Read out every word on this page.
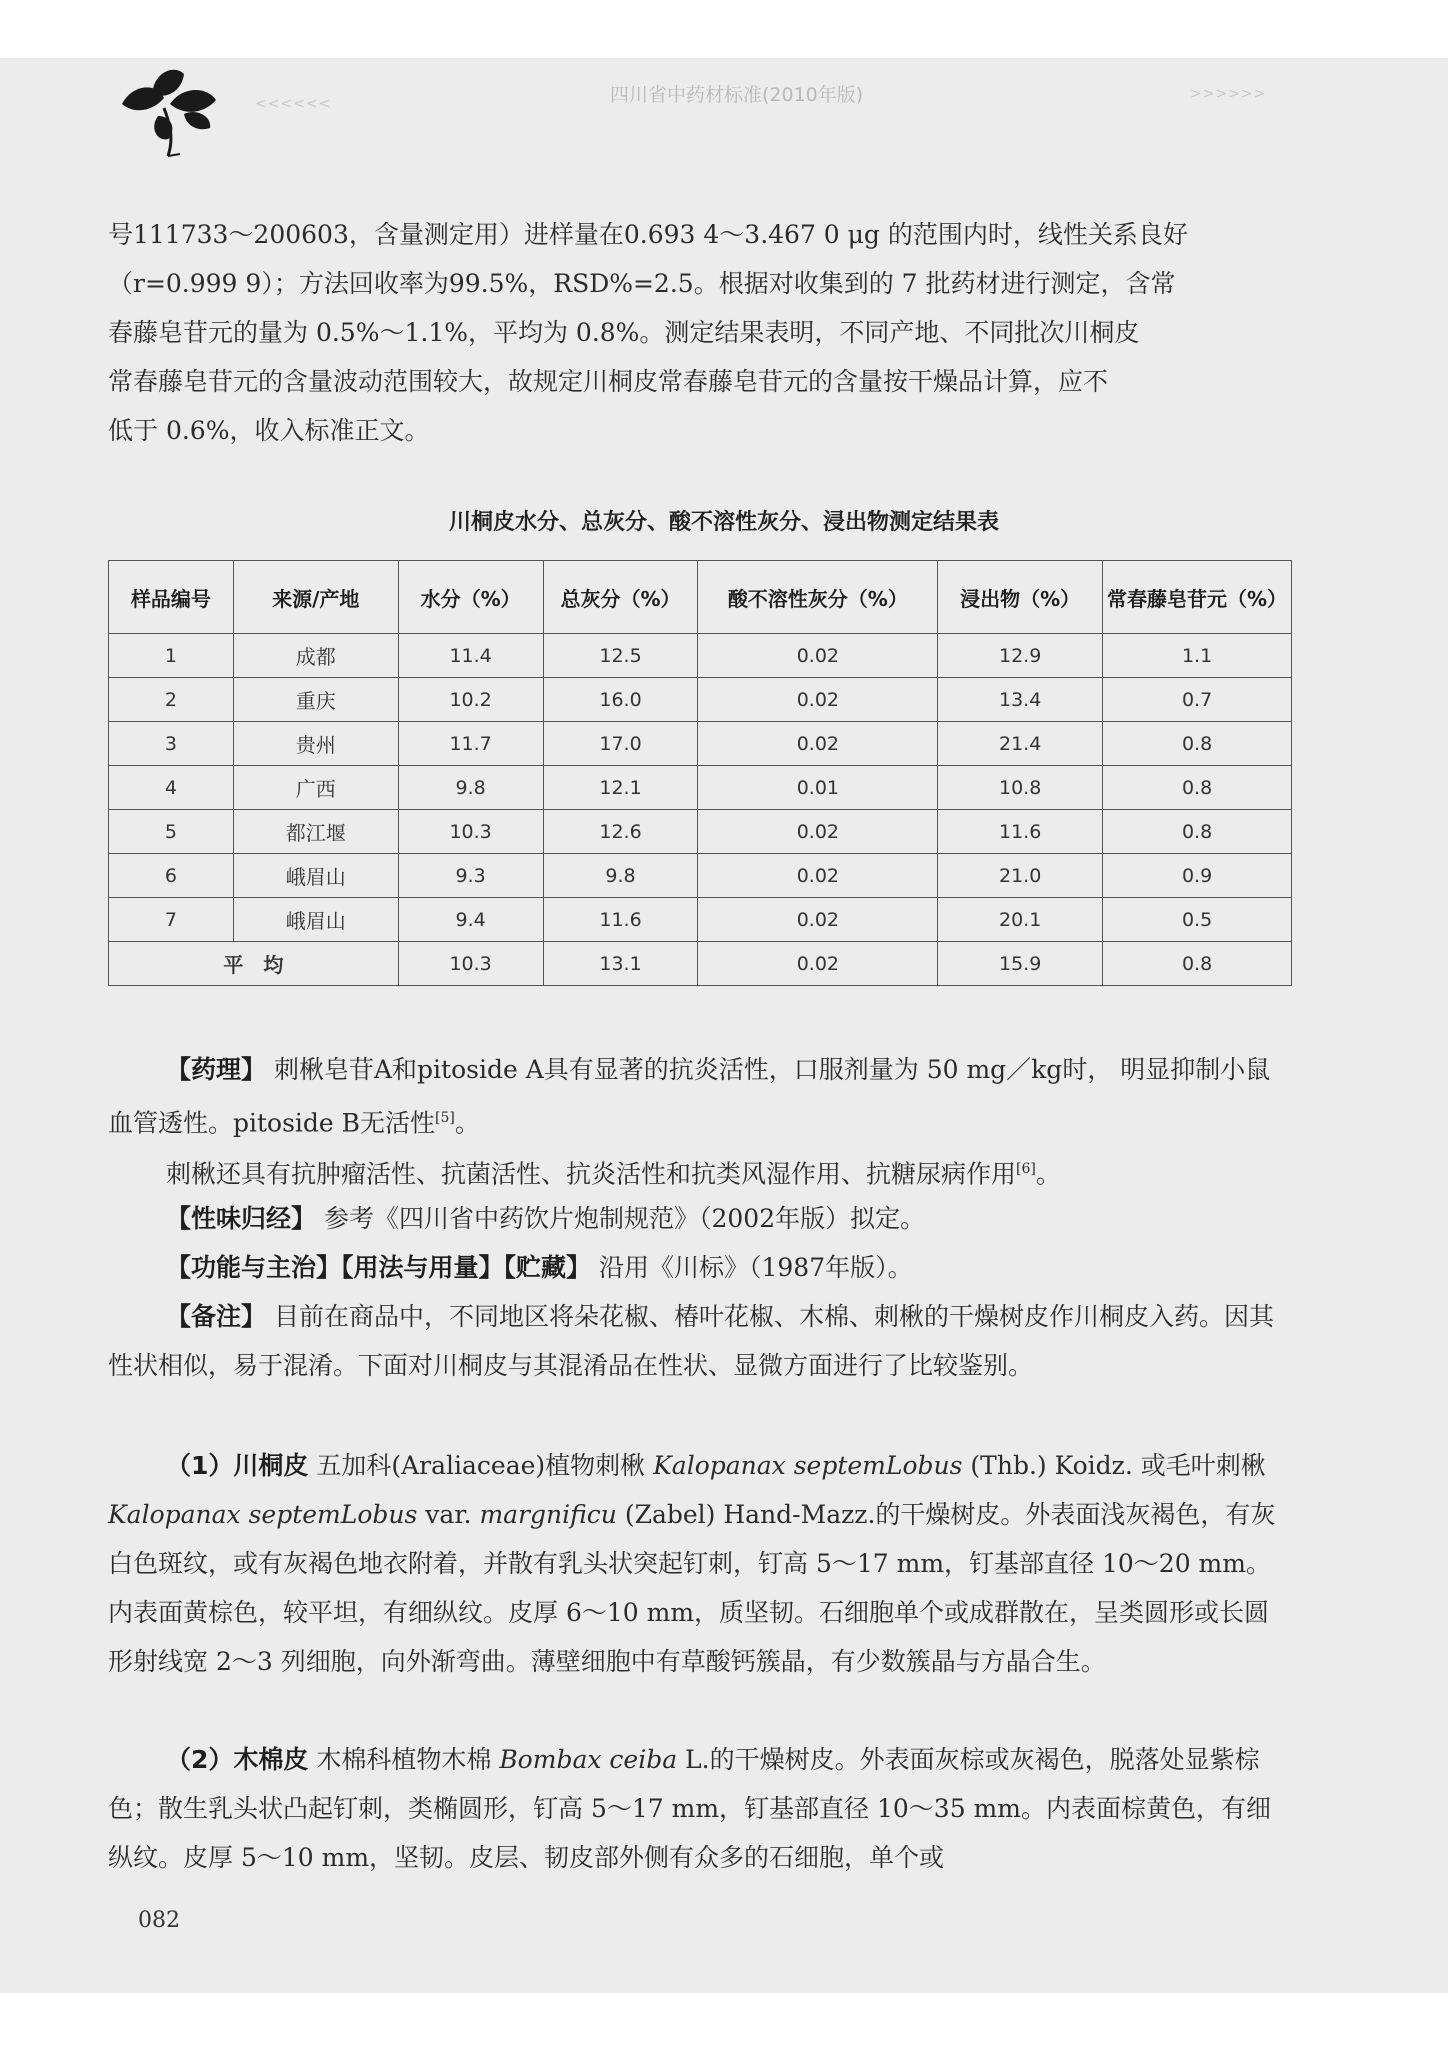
<<<<<<	四川省中药材标准(2010年版)	>>>>>>

号111733～200603，含量测定用）进样量在0.693 4～3.467 0 μg 的范围内时，线性关系良好

（r=0.999 9）；方法回收率为99.5%，RSD%=2.5。根据对收集到的 7 批药材进行测定，含常

春藤皂苷元的量为 0.5%～1.1%，平均为 0.8%。测定结果表明，不同产地、不同批次川桐皮

常春藤皂苷元的含量波动范围较大，故规定川桐皮常春藤皂苷元的含量按干燥品计算，应不

低于 0.6%，收入标准正文。

川桐皮水分、总灰分、酸不溶性灰分、浸出物测定结果表
样品编号	来源/产地	水分（%）	总灰分（%）	酸不溶性灰分（%）	浸出物（%）	常春藤皂苷元（%）
1	成都	11.4	12.5	0.02	12.9	1.1
2	重庆	10.2	16.0	0.02	13.4	0.7
3	贵州	11.7	17.0	0.02	21.4	0.8
4	广西	9.8	12.1	0.01	10.8	0.8
5	都江堰	10.3	12.6	0.02	11.6	0.8
6	峨眉山	9.3	9.8	0.02	21.0	0.9
7	峨眉山	9.4	11.6	0.02	20.1	0.5
平　均		10.3	13.1	0.02	15.9	0.8

【药理】 刺楸皂苷A和pitoside A具有显著的抗炎活性，口服剂量为 50 mg／kg时， 明显抑制小鼠血管透性。pitoside B无活性[5]。

刺楸还具有抗肿瘤活性、抗菌活性、抗炎活性和抗类风湿作用、抗糖尿病作用[6]。

【性味归经】 参考《四川省中药饮片炮制规范》（2002年版）拟定。

【功能与主治】【用法与用量】【贮藏】 沿用《川标》（1987年版）。

【备注】 目前在商品中，不同地区将朵花椒、椿叶花椒、木棉、刺楸的干燥树皮作川桐皮入药。因其性状相似，易于混淆。下面对川桐皮与其混淆品在性状、显微方面进行了比较鉴别。

（1）川桐皮 五加科(Araliaceae)植物刺楸 Kalopanax septemLobus (Thb.) Koidz. 或毛叶刺楸 Kalopanax septemLobus var. margnificu (Zabel) Hand-Mazz.的干燥树皮。外表面浅灰褐色，有灰白色斑纹，或有灰褐色地衣附着，并散有乳头状突起钉刺，钉高 5～17 mm，钉基部直径 10～20 mm。内表面黄棕色，较平坦，有细纵纹。皮厚 6～10 mm，质坚韧。石细胞单个或成群散在，呈类圆形或长圆形射线宽 2～3 列细胞，向外渐弯曲。薄壁细胞中有草酸钙簇晶，有少数簇晶与方晶合生。

（2）木棉皮 木棉科植物木棉 Bombax ceiba L.的干燥树皮。外表面灰棕或灰褐色，脱落处显紫棕色；散生乳头状凸起钉刺，类椭圆形，钉高 5～17 mm，钉基部直径 10～35 mm。内表面棕黄色，有细纵纹。皮厚 5～10 mm，坚韧。皮层、韧皮部外侧有众多的石细胞，单个或

082
